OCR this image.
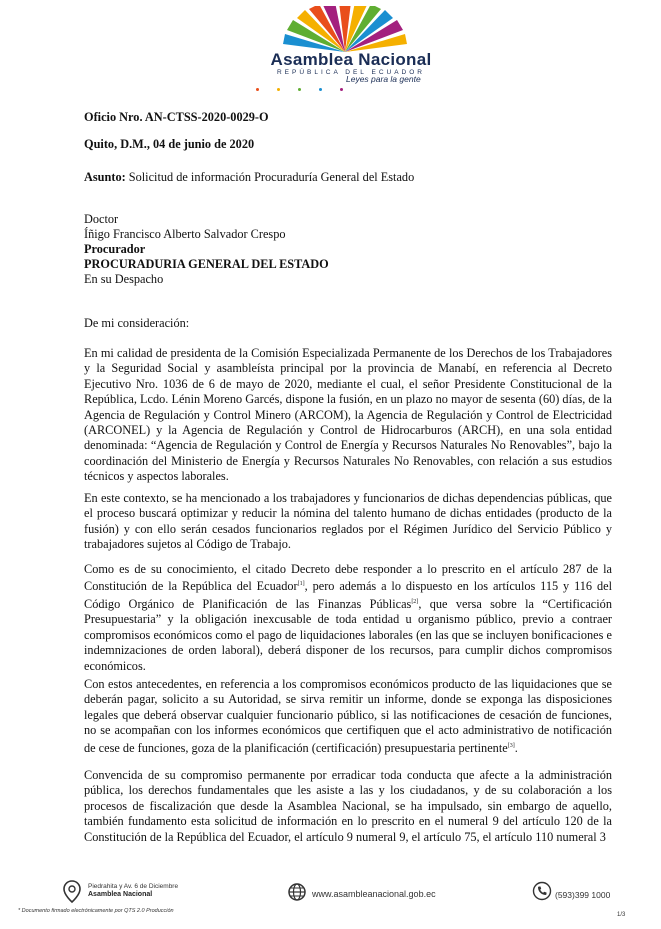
Asamblea Nacional
REPÚBLICA DEL ECUADOR

Leyes para la gente
Oficio Nro. AN-CTSS-2020-0029-O
Quito, D.M., 04 de junio de 2020
Asunto: Solicitud de información Procuraduría General del Estado
Doctor
Íñigo Francisco Alberto Salvador Crespo
Procurador
PROCURADURIA GENERAL DEL ESTADO
En su Despacho
De mi consideración:
En mi calidad de presidenta de la Comisión Especializada Permanente de los Derechos de los Trabajadores y la Seguridad Social y asambleísta principal por la provincia de Manabí, en referencia al Decreto Ejecutivo Nro. 1036 de 6 de mayo de 2020, mediante el cual, el señor Presidente Constitucional de la República, Lcdo. Lénin Moreno Garcés, dispone la fusión, en un plazo no mayor de sesenta (60) días, de la Agencia de Regulación y Control Minero (ARCOM), la Agencia de Regulación y Control de Electricidad (ARCONEL) y la Agencia de Regulación y Control de Hidrocarburos (ARCH), en una sola entidad denominada: “Agencia de Regulación y Control de Energía y Recursos Naturales No Renovables”, bajo la coordinación del Ministerio de Energía y Recursos Naturales No Renovables, con relación a sus estudios técnicos y aspectos laborales.
En este contexto, se ha mencionado a los trabajadores y funcionarios de dichas dependencias públicas, que el proceso buscará optimizar y reducir la nómina del talento humano de dichas entidades (producto de la fusión) y con ello serán cesados funcionarios reglados por el Régimen Jurídico del Servicio Público y trabajadores sujetos al Código de Trabajo.
Como es de su conocimiento, el citado Decreto debe responder a lo prescrito en el artículo 287 de la Constitución de la República del Ecuador[1], pero además a lo dispuesto en los artículos 115 y 116 del Código Orgánico de Planificación de las Finanzas Públicas[2], que versa sobre la “Certificación Presupuestaria” y la obligación inexcusable de toda entidad u organismo público, previo a contraer compromisos económicos como el pago de liquidaciones laborales (en las que se incluyen bonificaciones e indemnizaciones de orden laboral), deberá disponer de los recursos, para cumplir dichos compromisos económicos.
Con estos antecedentes, en referencia a los compromisos económicos producto de las liquidaciones que se deberán pagar, solicito a su Autoridad, se sirva remitir un informe, donde se exponga las disposiciones legales que deberá observar cualquier funcionario público, si las notificaciones de cesación de funciones, no se acompañan con los informes económicos que certifiquen que el acto administrativo de notificación de cese de funciones, goza de la planificación (certificación) presupuestaria pertinente[3].
Convencida de su compromiso permanente por erradicar toda conducta que afecte a la administración pública, los derechos fundamentales que les asiste a las y los ciudadanos, y de su colaboración a los procesos de fiscalización que desde la Asamblea Nacional, se ha impulsado, sin embargo de aquello, también fundamento esta solicitud de información en lo prescrito en el numeral 9 del artículo 120 de la Constitución de la República del Ecuador, el artículo 9 numeral 9, el artículo 75, el artículo 110 numeral 3
Piedrahita y Av. 6 de Diciembre
Asamblea Nacional
* Documento firmado electrónicamente por QTS 2.0 Producción
www.asambleanacional.gob.ec	(593)399 1000
1/3
